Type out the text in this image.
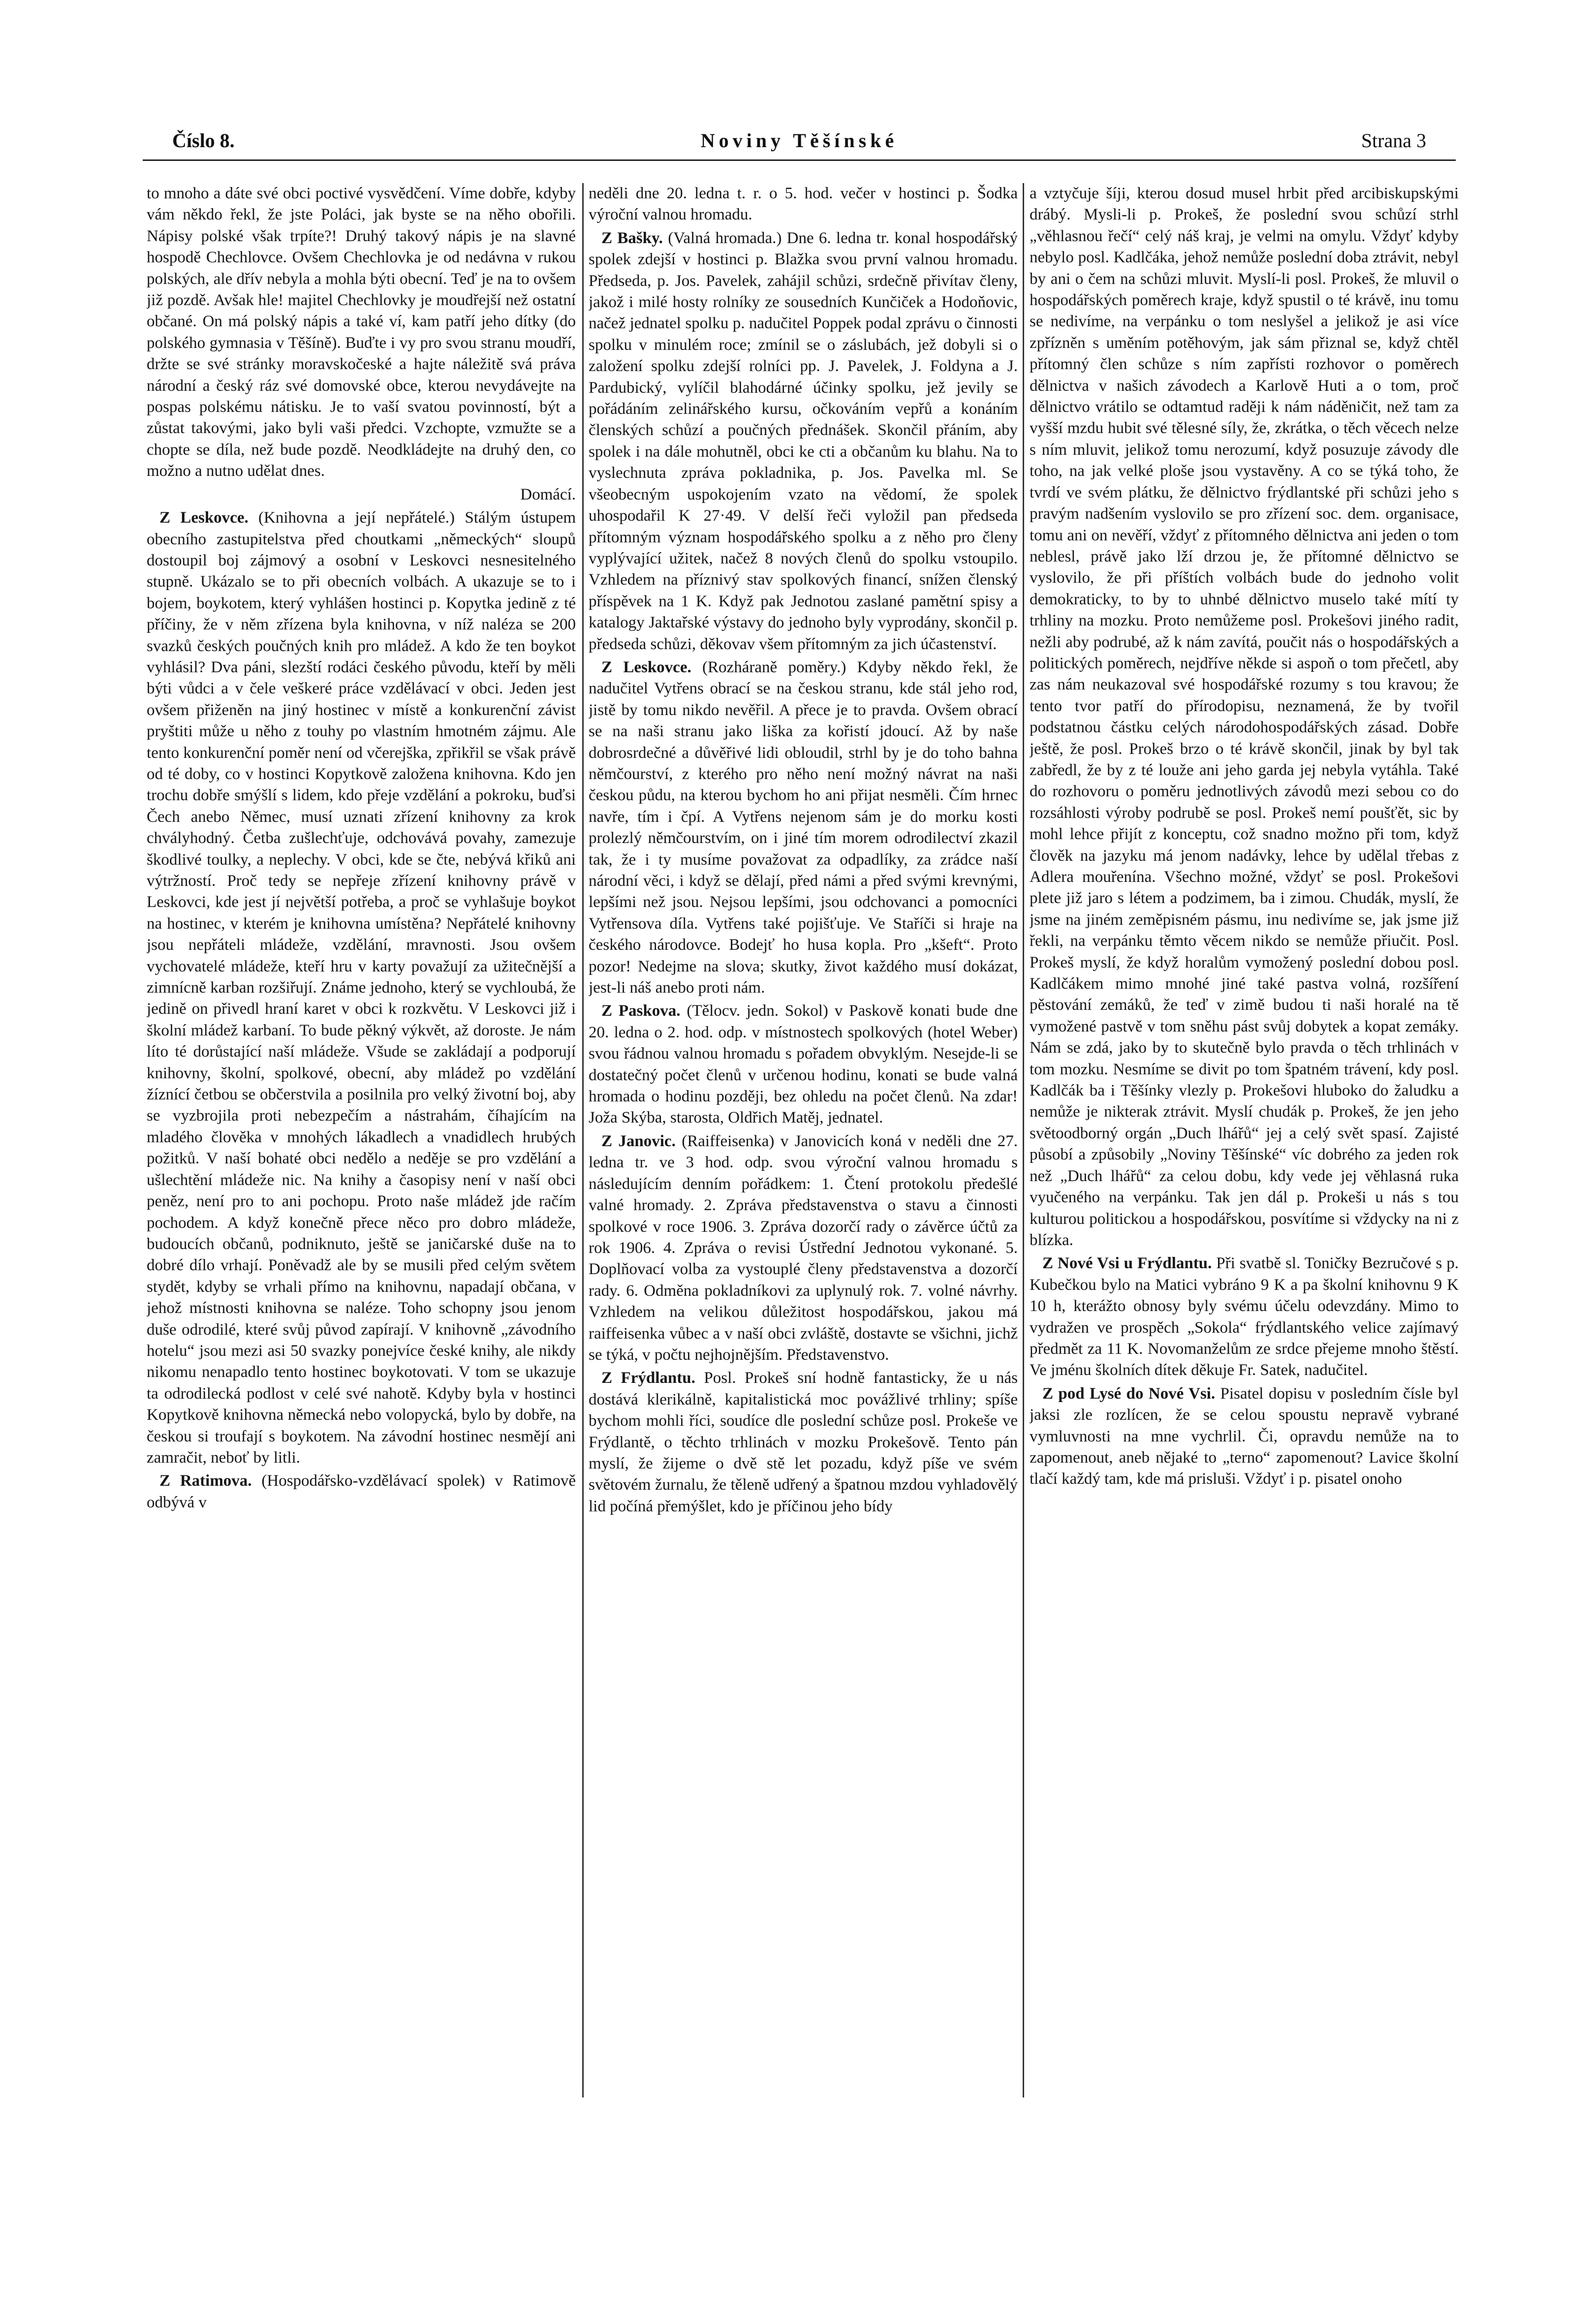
Číslo 8.	Noviny Těšínské	Strana 3

to mnoho a dáte své obci poctivé vysvědčení. Víme dobře, kdyby vám někdo řekl, že jste Poláci, jak byste se na něho obořili. Nápisy polské však trpíte?! Druhý takový nápis je na slavné hospodě Chechlovce. Ovšem Chechlovka je od nedávna v rukou polských, ale dřív nebyla a mohla býti obecní. Teď je na to ovšem již pozdě. Avšak hle! majitel Chechlovky je moudřejší než ostatní občané. On má polský nápis a také ví, kam patří jeho dítky (do polského gymnasia v Těšíně). Buďte i vy pro svou stranu moudří, držte se své stránky moravskočeské a hajte náležitě svá práva národní a český ráz své domovské obce, kterou nevydávejte na pospas polskému nátisku. Je to vaší svatou povinností, být a zůstat takovými, jako byli vaši předci. Vzchopte, vzmužte se a chopte se díla, než bude pozdě. Neodkládejte na druhý den, co možno a nutno udělat dnes.

Domácí.

Z Leskovce. (Knihovna a její nepřátelé.) Stálým ústupem obecního zastupitelstva před choutkami „německých“ sloupů dostoupil boj zájmový a osobní v Leskovci nesnesitelného stupně. Ukázalo se to při obecních volbách. A ukazuje se to i bojem, boykotem, který vyhlášen hostinci p. Kopytka jedině z té příčiny, že v něm zřízena byla knihovna, v níž naléza se 200 svazků českých poučných knih pro mládež. A kdo že ten boykot vyhlásil? Dva páni, slezští rodáci českého původu, kteří by měli býti vůdci a v čele veškeré práce vzdělávací v obci. Jeden jest ovšem přiženěn na jiný hostinec v místě a konkurenční závist pryštiti může u něho z touhy po vlastním hmotném zájmu. Ale tento konkurenční poměr není od včerejška, zpřikřil se však právě od té doby, co v hostinci Kopytkově založena knihovna. Kdo jen trochu dobře smýšlí s lidem, kdo přeje vzdělání a pokroku, buďsi Čech anebo Němec, musí uznati zřízení knihovny za krok chvályhodný. Četba zušlechťuje, odchovává povahy, zamezuje škodlivé toulky, a neplechy. V obci, kde se čte, nebývá křiků ani výtržností. Proč tedy se nepřeje zřízení knihovny právě v Leskovci, kde jest jí největší potřeba, a proč se vyhlašuje boykot na hostinec, v kterém je knihovna umístěna? Nepřátelé knihovny jsou nepřáteli mládeže, vzdělání, mravnosti. Jsou ovšem vychovatelé mládeže, kteří hru v karty považují za užitečnější a zimnícně karban rozšiřují. Známe jednoho, který se vychloubá, že jedině on přivedl hraní karet v obci k rozkvětu. V Leskovci již i školní mládež karbaní. To bude pěkný výkvět, až doroste. Je nám líto té dorůstající naší mládeže. Všude se zakládají a podporují knihovny, školní, spolkové, obecní, aby mládež po vzdělání žíznící četbou se občerstvila a posilnila pro velký životní boj, aby se vyzbrojila proti nebezpečím a nástrahám, číhajícím na mladého člověka v mnohých lákadlech a vnadidlech hrubých požitků. V naší bohaté obci nedělo a neděje se pro vzdělání a ušlechtění mládeže nic. Na knihy a časopisy není v naší obci peněz, není pro to ani pochopu. Proto naše mládež jde račím pochodem. A když konečně přece něco pro dobro mládeže, budoucích občanů, podniknuto, ještě se janičarské duše na to dobré dílo vrhají. Poněvadž ale by se musili před celým světem stydět, kdyby se vrhali přímo na knihovnu, napadají občana, v jehož místnosti knihovna se naléze. Toho schopny jsou jenom duše odrodilé, které svůj původ zapírají. V knihovně „závodního hotelu“ jsou mezi asi 50 svazky ponejvíce české knihy, ale nikdy nikomu nenapadlo tento hostinec boykotovati. V tom se ukazuje ta odrodilecká podlost v celé své nahotě. Kdyby byla v hostinci Kopytkově knihovna německá nebo volopycká, bylo by dobře, na českou si troufají s boykotem. Na závodní hostinec nesmějí ani zamračit, neboť by litli.

Z Ratimova. (Hospodářsko-vzdělávací spolek) v Ratimově odbývá v

neděli dne 20. ledna t. r. o 5. hod. večer v hostinci p. Šodka výroční valnou hromadu.

Z Bašky. (Valná hromada.) Dne 6. ledna tr. konal hospodářský spolek zdejší v hostinci p. Blažka svou první valnou hromadu. Předseda, p. Jos. Pavelek, zahájil schůzi, srdečně přivítav členy, jakož i milé hosty rolníky ze sousedních Kunčiček a Hodoňovic, načež jednatel spolku p. nadučitel Poppek podal zprávu o činnosti spolku v minulém roce; zmínil se o záslubách, jež dobyli si o založení spolku zdejší rolníci pp. J. Pavelek, J. Foldyna a J. Pardubický, vylíčil blahodárné účinky spolku, jež jevily se pořádáním zelinářského kursu, očkováním vepřů a konáním členských schůzí a poučných přednášek. Skončil přáním, aby spolek i na dále mohutněl, obci ke cti a občanům ku blahu. Na to vyslechnuta zpráva pokladnika, p. Jos. Pavelka ml. Se všeobecným uspokojením vzato na vědomí, že spolek uhospodařil K 27·49. V delší řeči vyložil pan předseda přítomným význam hospodářského spolku a z něho pro členy vyplývající užitek, načež 8 nových členů do spolku vstoupilo. Vzhledem na příznivý stav spolkových financí, snížen členský příspěvek na 1 K. Když pak Jednotou zaslané pamětní spisy a katalogy Jaktařské výstavy do jednoho byly vyprodány, skončil p. předseda schůzi, děkovav všem přítomným za jich účastenství.

Z Leskovce. (Rozháraně poměry.) Kdyby někdo řekl, že nadučitel Vytřens obrací se na českou stranu, kde stál jeho rod, jistě by tomu nikdo nevěřil. A přece je to pravda. Ovšem obrací se na naši stranu jako liška za kořistí jdoucí. Až by naše dobrosrdečné a důvěřivé lidi obloudil, strhl by je do toho bahna němčourství, z kterého pro něho není možný návrat na naši českou půdu, na kterou bychom ho ani přijat nesměli. Čím hrnec navře, tím i čpí. A Vytřens nejenom sám je do morku kosti prolezlý němčourstvím, on i jiné tím morem odrodilectví zkazil tak, že i ty musíme považovat za odpadlíky, za zrádce naší národní věci, i když se dělají, před námi a před svými krevnými, lepšími než jsou. Nejsou lepšími, jsou odchovanci a pomocníci Vytřensova díla. Vytřens také pojišťuje. Ve Staříči si hraje na českého národovce. Bodejť ho husa kopla. Pro „kšeft“. Proto pozor! Nedejme na slova; skutky, život každého musí dokázat, jest-li náš anebo proti nám.

Z Paskova. (Tělocv. jedn. Sokol) v Paskově konati bude dne 20. ledna o 2. hod. odp. v místnostech spolkových (hotel Weber) svou řádnou valnou hromadu s pořadem obvyklým. Nesejde-li se dostatečný počet členů v určenou hodinu, konati se bude valná hromada o hodinu později, bez ohledu na počet členů. Na zdar! Joža Skýba, starosta, Oldřich Matěj, jednatel.

Z Janovic. (Raiffeisenka) v Janovicích koná v neděli dne 27. ledna tr. ve 3 hod. odp. svou výroční valnou hromadu s následujícím denním pořádkem: 1. Čtení protokolu předešlé valné hromady. 2. Zpráva představenstva o stavu a činnosti spolkové v roce 1906. 3. Zpráva dozorčí rady o závěrce účtů za rok 1906. 4. Zpráva o revisi Ústřední Jednotou vykonané. 5. Doplňovací volba za vystouplé členy představenstva a dozorčí rady. 6. Odměna pokladníkovi za uplynulý rok. 7. volné návrhy. Vzhledem na velikou důležitost hospodářskou, jakou má raiffeisenka vůbec a v naší obci zvláště, dostavte se všichni, jichž se týká, v počtu nejhojnějším. Představenstvo.

Z Frýdlantu. Posl. Prokeš sní hodně fantasticky, že u nás dostává klerikálně, kapitalistická moc povážlivé trhliny; spíše bychom mohli říci, soudíce dle poslední schůze posl. Prokeše ve Frýdlantě, o těchto trhlinách v mozku Prokešově. Tento pán myslí, že žijeme o dvě stě let pozadu, když píše ve svém světovém žurnalu, že těleně udřený a špatnou mzdou vyhladovělý lid počíná přemýšlet, kdo je příčinou jeho bídy

a vztyčuje šíji, kterou dosud musel hrbit před arcibiskupskými drábý. Mysli-li p. Prokeš, že poslední svou schůzí strhl „věhlasnou řečí“ celý náš kraj, je velmi na omylu. Vždyť kdyby nebylo posl. Kadlčáka, jehož nemůže poslední doba ztrávit, nebyl by ani o čem na schůzi mluvit. Myslí-li posl. Prokeš, že mluvil o hospodářských poměrech kraje, když spustil o té krávě, inu tomu se nedivíme, na verpánku o tom neslyšel a jelikož je asi více zpřízněn s uměním potěhovým, jak sám přiznal se, když chtěl přítomný člen schůze s ním zapřísti rozhovor o poměrech dělnictva v našich závodech a Karlově Huti a o tom, proč dělnictvo vrátilo se odtamtud raději k nám náděničit, než tam za vyšší mzdu hubit své tělesné síly, že, zkrátka, o těch věcech nelze s ním mluvit, jelikož tomu nerozumí, když posuzuje závody dle toho, na jak velké ploše jsou vystavěny. A co se týká toho, že tvrdí ve svém plátku, že dělnictvo frýdlantské při schůzi jeho s pravým nadšením vyslovilo se pro zřízení soc. dem. organisace, tomu ani on nevěří, vždyť z přítomného dělnictva ani jeden o tom neblesl, právě jako lží drzou je, že přítomné dělnictvo se vyslovilo, že při příštích volbách bude do jednoho volit demokraticky, to by to uhnbé dělnictvo muselo také mítí ty trhliny na mozku. Proto nemůžeme posl. Prokešovi jiného radit, nežli aby podrubé, až k nám zavítá, poučit nás o hospodářských a politických poměrech, nejdříve někde si aspoň o tom přečetl, aby zas nám neukazoval své hospodářské rozumy s tou kravou; že tento tvor patří do přírodopisu, neznamená, že by tvořil podstatnou částku celých národohospodářských zásad. Dobře ještě, že posl. Prokeš brzo o té krávě skončil, jinak by byl tak zabředl, že by z té louže ani jeho garda jej nebyla vytáhla. Také do rozhovoru o poměru jednotlivých závodů mezi sebou co do rozsáhlosti výroby podrubě se posl. Prokeš nemí poušťět, sic by mohl lehce přijít z konceptu, což snadno možno při tom, když člověk na jazyku má jenom nadávky, lehce by udělal třebas z Adlera mouřenína. Všechno možné, vždyť se posl. Prokešovi plete již jaro s létem a podzimem, ba i zimou. Chudák, myslí, že jsme na jiném zeměpisném pásmu, inu nedivíme se, jak jsme již řekli, na verpánku těmto věcem nikdo se nemůže přiučit. Posl. Prokeš myslí, že když horalům vymožený poslední dobou posl. Kadlčákem mimo mnohé jiné také pastva volná, rozšíření pěstování zemáků, že teď v zimě budou ti naši horalé na tě vymožené pastvě v tom sněhu pást svůj dobytek a kopat zemáky. Nám se zdá, jako by to skutečně bylo pravda o těch trhlinách v tom mozku. Nesmíme se divit po tom špatném trávení, kdy posl. Kadlčák ba i Těšínky vlezly p. Prokešovi hluboko do žaludku a nemůže je nikterak ztrávit. Myslí chudák p. Prokeš, že jen jeho světoodborný orgán „Duch lhářů“ jej a celý svět spasí. Zajisté působí a způsobily „Noviny Těšínské“ víc dobrého za jeden rok než „Duch lhářů“ za celou dobu, kdy vede jej věhlasná ruka vyučeného na verpánku. Tak jen dál p. Prokeši u nás s tou kulturou politickou a hospodářskou, posvítíme si vždycky na ni z blízka.

Z Nové Vsi u Frýdlantu. Při svatbě sl. Toničky Bezručové s p. Kubečkou bylo na Matici vybráno 9 K a pa školní knihovnu 9 K 10 h, kterážto obnosy byly svému účelu odevzdány. Mimo to vydražen ve prospěch „Sokola“ frýdlantského velice zajímavý předmět za 11 K. Novomanželům ze srdce přejeme mnoho štěstí. Ve jménu školních dítek děkuje Fr. Satek, nadučitel.

Z pod Lysé do Nové Vsi. Pisatel dopisu v posledním čísle byl jaksi zle rozlícen, že se celou spoustu nepravě vybrané vymluvnosti na mne vychrlil. Či, opravdu nemůže na to zapomenout, aneb nějaké to „terno“ zapomenout? Lavice školní tlačí každý tam, kde má prisluši. Vždyť i p. pisatel onoho
